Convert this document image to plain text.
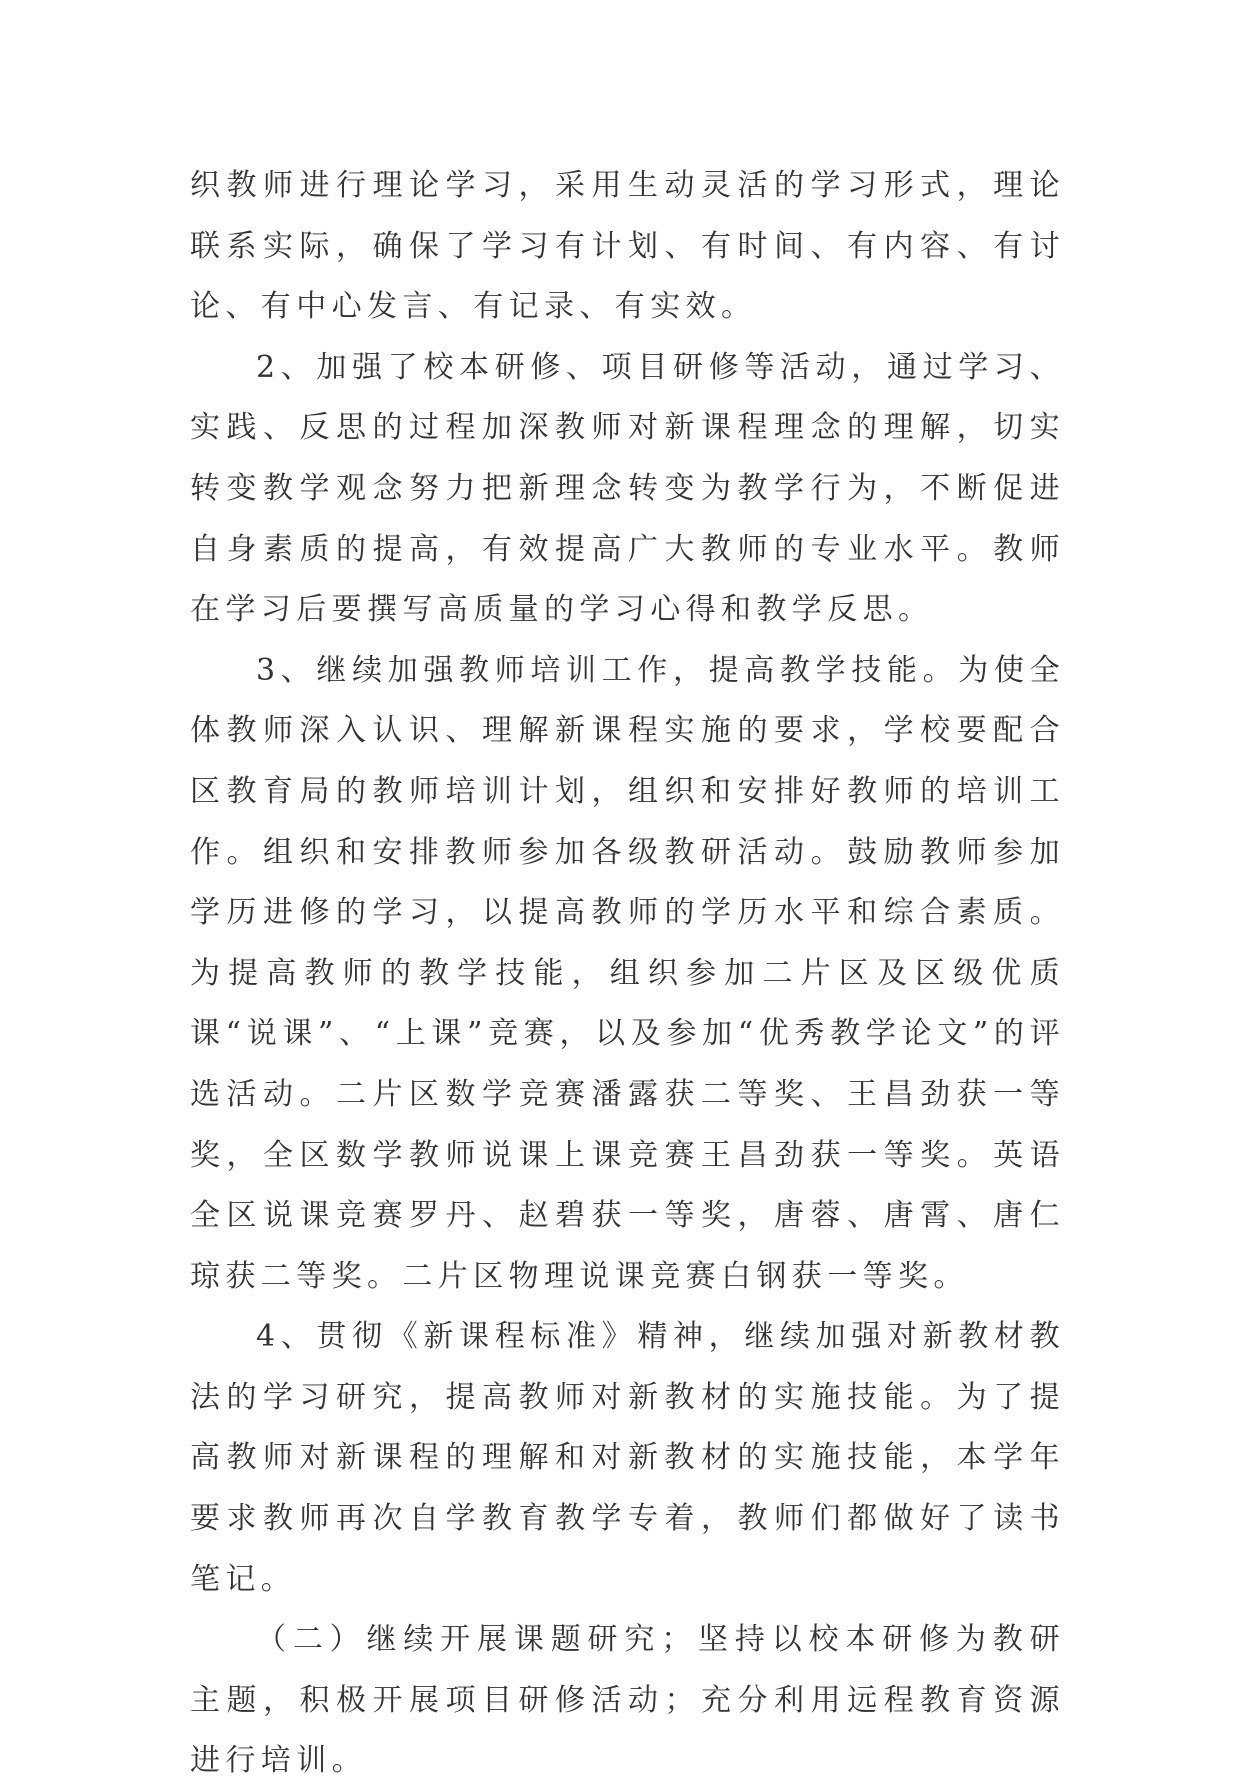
织教师进行理论学习，采用生动灵活的学习形式，理论联系实际，确保了学习有计划、有时间、有内容、有讨论、有中心发言、有记录、有实效。

2、加强了校本研修、项目研修等活动，通过学习、实践、反思的过程加深教师对新课程理念的理解，切实转变教学观念努力把新理念转变为教学行为，不断促进自身素质的提高，有效提高广大教师的专业水平。教师在学习后要撰写高质量的学习心得和教学反思。

3、继续加强教师培训工作，提高教学技能。为使全体教师深入认识、理解新课程实施的要求，学校要配合区教育局的教师培训计划，组织和安排好教师的培训工作。组织和安排教师参加各级教研活动。鼓励教师参加学历进修的学习，以提高教师的学历水平和综合素质。为提高教师的教学技能，组织参加二片区及区级优质课“说课”、“上课”竞赛，以及参加“优秀教学论文”的评选活动。二片区数学竞赛潘露获二等奖、王昌劲获一等奖，全区数学教师说课上课竞赛王昌劲获一等奖。英语全区说课竞赛罗丹、赵碧获一等奖，唐蓉、唐霄、唐仁琼获二等奖。二片区物理说课竞赛白钢获一等奖。

4、贯彻《新课程标准》精神，继续加强对新教材教法的学习研究，提高教师对新教材的实施技能。为了提高教师对新课程的理解和对新教材的实施技能，本学年要求教师再次自学教育教学专着，教师们都做好了读书笔记。

（二）继续开展课题研究；坚持以校本研修为教研主题，积极开展项目研修活动；充分利用远程教育资源进行培训。
